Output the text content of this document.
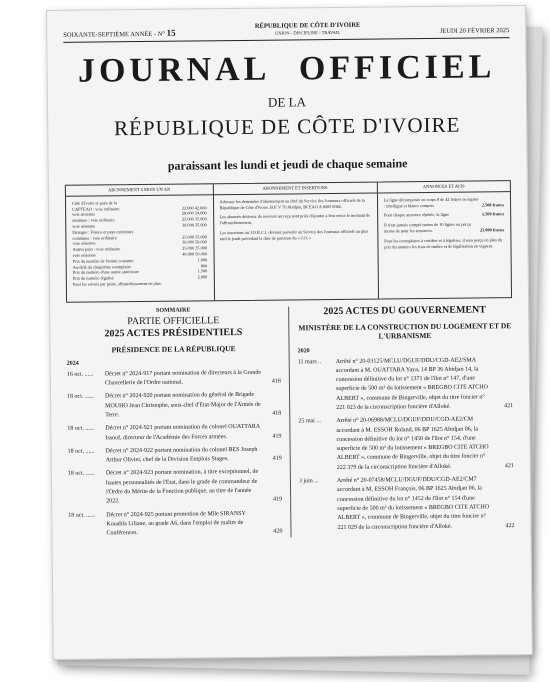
SOIXANTE-SEPTIÈME ANNÉE - N° 15
RÉPUBLIQUE DE CÔTE D'IVOIRE
UNION - DISCIPLINE - TRAVAIL	JEUDI 20 FÉVRIER 2025
JOURNAL OFFICIEL
DE LA
RÉPUBLIQUE DE CÔTE D'IVOIRE
paraissant les lundi et jeudi de chaque semaine
ABONNEMENT 6 MOIS UN AN
Côte d'Ivoire et pays de la
CAPTEAO : voie ordinaire	22.000 42.000
voie aérienne	28.000 34.000
ommune : voie ordinaire	25.000 35.000
voie aérienne	30.000 35.000
Etranger : France et pays extérieurs
commune : voie ordinaire	25.000 35.000
voie aérienne	30.000 50.000
Autres pays : voie ordinaire	25.000 35.000
voie aérienne	40.000 50.000
Prix du numéro de l'année courante	1.000
Au-delà du cinquième exemplaire	800
Prix du numéro d'une année antérieure	1.500
Prix du numéro légalisé	2.000
Pour les envois par poste, affranchissement en plus.
ABONNEMENT ET INSERTIONS

Adresser les demandes d'abonnement au chef du Service des Journaux officiels de la République de Côte d'Ivoire, B.P. V 70 Abidjan, BCEAO A 8005 0082.

Les abonnés désireux de recevoir un reçu sont priés d'ajouter à leur envoi le montant de l'affranchissement.

Les insertions au J.O.R.C.I. devront parvenir au Service des Journaux officiels au plus tard le jeudi précédant la date de parution du « J.O. »

ANNONCES ET AVIS

La ligne décomposée en corps 8 de 42 lettres ou signes : interligne et blancs compris	2.500 francs

Pour chaque annonce répétée, la ligne	1.500 francs

Il n'est jamais compté moins de 10 lignes ou perçu moins de pour les annonces.	25.000 francs

Pour les exemplaires à certifier et à légaliser, il sera perçu en plus du prix du numéro les frais de timbre et de légalisation en vigueur.

SOMMAIRE
PARTIE OFFICIELLE
2025 ACTES PRÉSIDENTIELS
PRÉSIDENCE DE LA RÉPUBLIQUE
2024
16 oct. ......	Décret n° 2024-917 portant nomination de directeurs à la Grande Chancellerie de l'Ordre national.	418
18 oct. ......	Décret n° 2024-920 portant nomination du général de Brigade MOUHO Jean Christophe, sous-chef d'Etat-Major de l'Armée de Terre.	418
18 oct. ......	Décret n° 2024-921 portant nomination du colonel OUATTARA Issouf, directeur de l'Académie des Forces armées.	419
18 oct. ......	Décret n° 2024-922 portant nomination du colonel BES Joseph Arthur Olivier, chef de la Division Emplois Stages.	419
18 oct. ......	Décret n° 2024-923 portant nomination, à titre exceptionnel, de hautes personnalités de l'Etat, dans le grade de commandeur de l'Ordre du Mérite de la Fonction publique, au titre de l'année 2022.	419
18 oct. ......	Décret n° 2024-925 portant promotion de Mlle SIRANSY Kouabla Liliane, au grade A6, dans l'emploi de maître de Conférences.	420
2025 ACTES DU GOUVERNEMENT
MINISTÈRE DE LA CONSTRUCTION DU LOGEMENT ET DE L'URBANISME
2020
11 mars ..	Arrêté n° 20-03125/MCLU/DGUF/DDU/CGD-AE2/SMA accordant à M. OUATTARA Yaya, 14 BP 36 Abidjan 14, la concession définitive du lot n° 1371 de l'îlot n° 147, d'une superficie de 500 m² du lotissement « BREGBO CITE ATCHO ALBERT », commune de Bingerville, objet du titre foncier n° 221 023 de la circonscription foncière d'Alloké.	421
25 mai ...	Arrêté n° 20-06988/MCLU/DGUF/DDU/CGD-AE2/CM accordant à M. ESSOH Roland, 06 BP 1625 Abidjan 06, la concession définitive du lot n° 1450 de l'îlot n° 154, d'une superficie de 500 m² du lotissement « BREGBO CITE ATCHO ALBERT », commune de Bingerville, objet du titre foncier n° 222 379 de la circonscription foncière d'Alloké.	421
3 juin ...	Arrêté n° 20-07458/MCLU/DGUF/DDU/CGD-AE2/CM7 accordant à M. ESSOH François, 06 BP 1625 Abidjan 06, la concession définitive du lot n° 1452 de l'îlot n° 154 d'une superficie de 500 m² du lotissement « BREGBO CITE ATCHO ALBERT », commune de Bingerville, objet du titre foncier n° 221 029 de la circonscription foncière d'Alloké.	422
